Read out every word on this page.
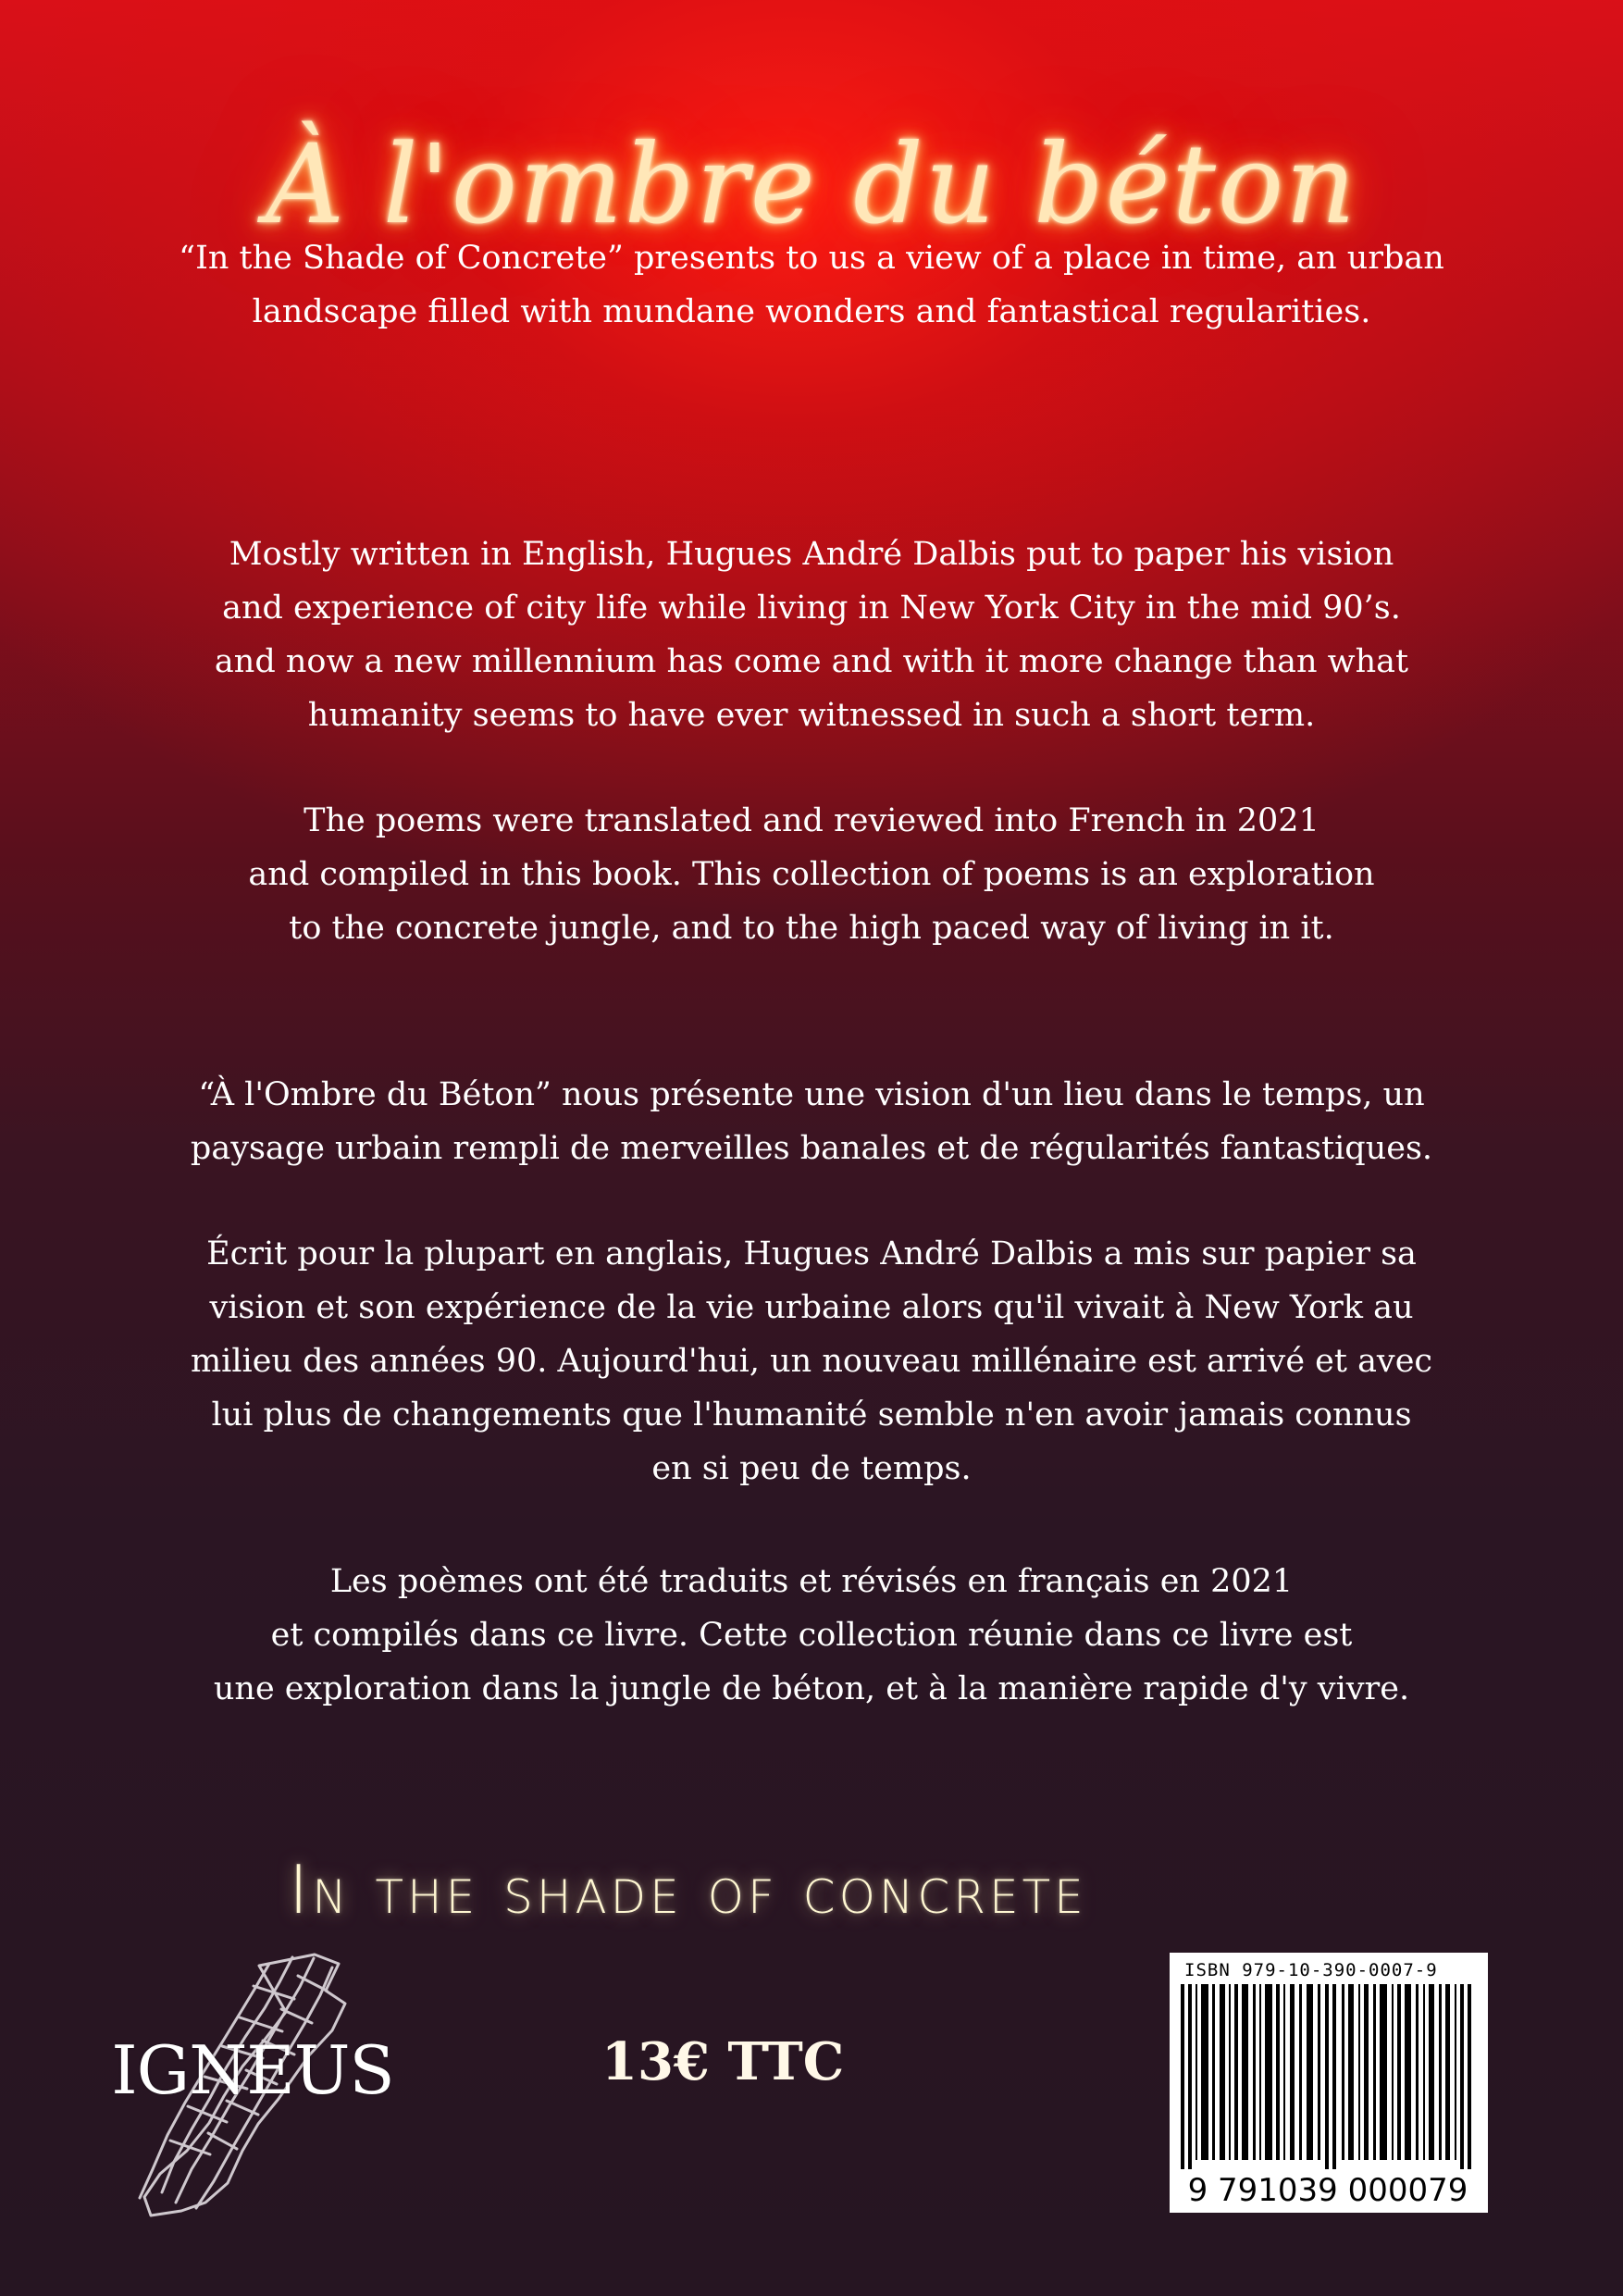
À l'ombre du béton
“In the Shade of Concrete” presents to us a view of a place in time, an urban
landscape filled with mundane wonders and fantastical regularities.
Mostly written in English, Hugues André Dalbis put to paper his vision
and experience of city life while living in New York City in the mid 90’s.
and now a new millennium has come and with it more change than what
humanity seems to have ever witnessed in such a short term.
The poems were translated and reviewed into French in 2021
and compiled in this book. This collection of poems is an exploration
to the concrete jungle, and to the high paced way of living in it.
“À l'Ombre du Béton” nous présente une vision d'un lieu dans le temps, un
paysage urbain rempli de merveilles banales et de régularités fantastiques.
Écrit pour la plupart en anglais, Hugues André Dalbis a mis sur papier sa
vision et son expérience de la vie urbaine alors qu'il vivait à New York au
milieu des années 90. Aujourd'hui, un nouveau millénaire est arrivé et avec
lui plus de changements que l'humanité semble n'en avoir jamais connus
en si peu de temps.
Les poèmes ont été traduits et révisés en français en 2021
et compilés dans ce livre. Cette collection réunie dans ce livre est
une exploration dans la jungle de béton, et à la manière rapide d'y vivre.
In the shade of concrete
IGNEUS	13€ TTC
ISBN 979-10-390-0007-9
9 791039 000079
